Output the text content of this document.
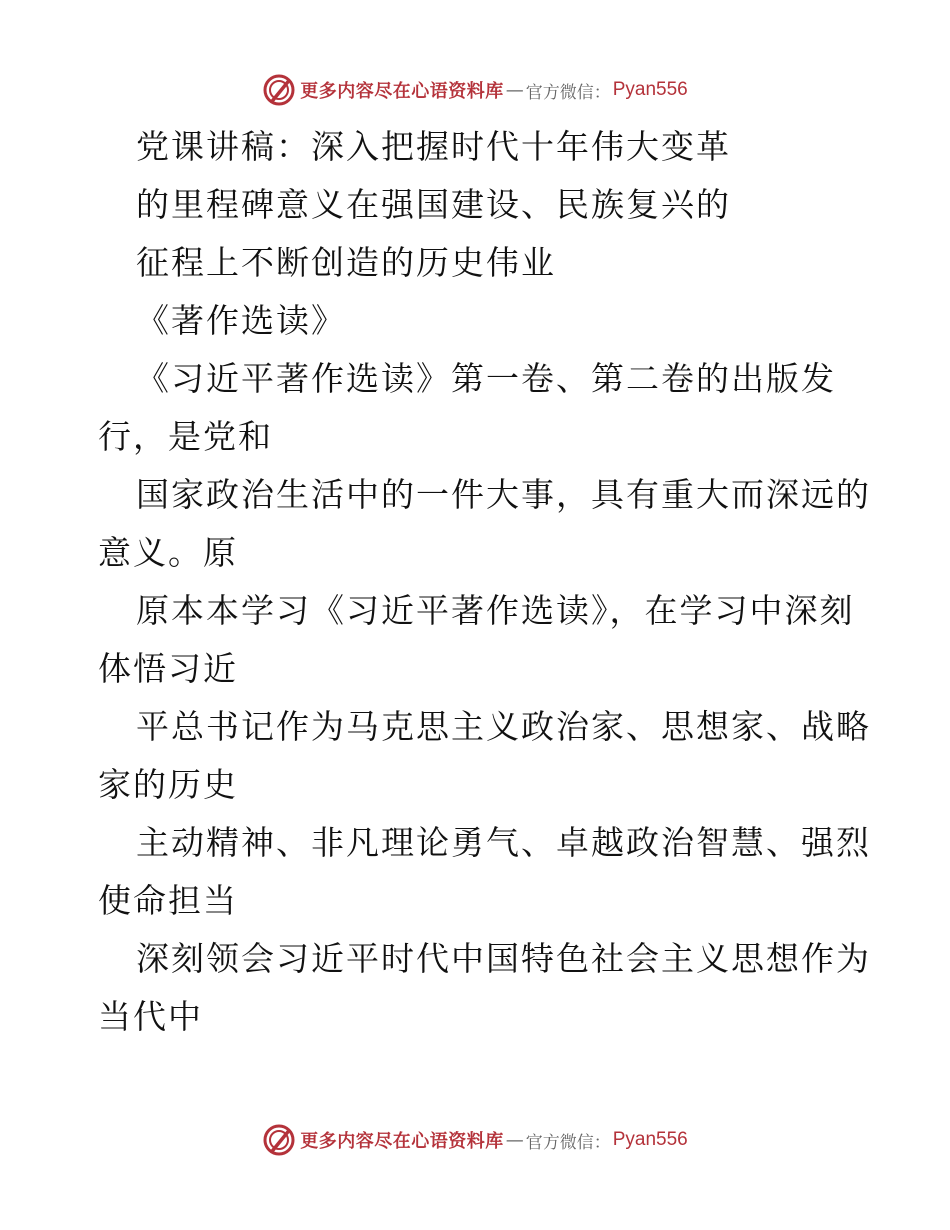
更多内容尽在心语资料库 — 官方微信： Pyan556
党课讲稿：深入把握时代十年伟大变革
的里程碑意义在强国建设、民族复兴的
征程上不断创造的历史伟业
《著作选读》
《习近平著作选读》第一卷、第二卷的出版发
行，是党和
国家政治生活中的一件大事，具有重大而深远的
意义。原
原本本学习《习近平著作选读》，在学习中深刻
体悟习近
平总书记作为马克思主义政治家、思想家、战略
家的历史
主动精神、非凡理论勇气、卓越政治智慧、强烈
使命担当
深刻领会习近平时代中国特色社会主义思想作为
当代中
更多内容尽在心语资料库 — 官方微信： Pyan556
